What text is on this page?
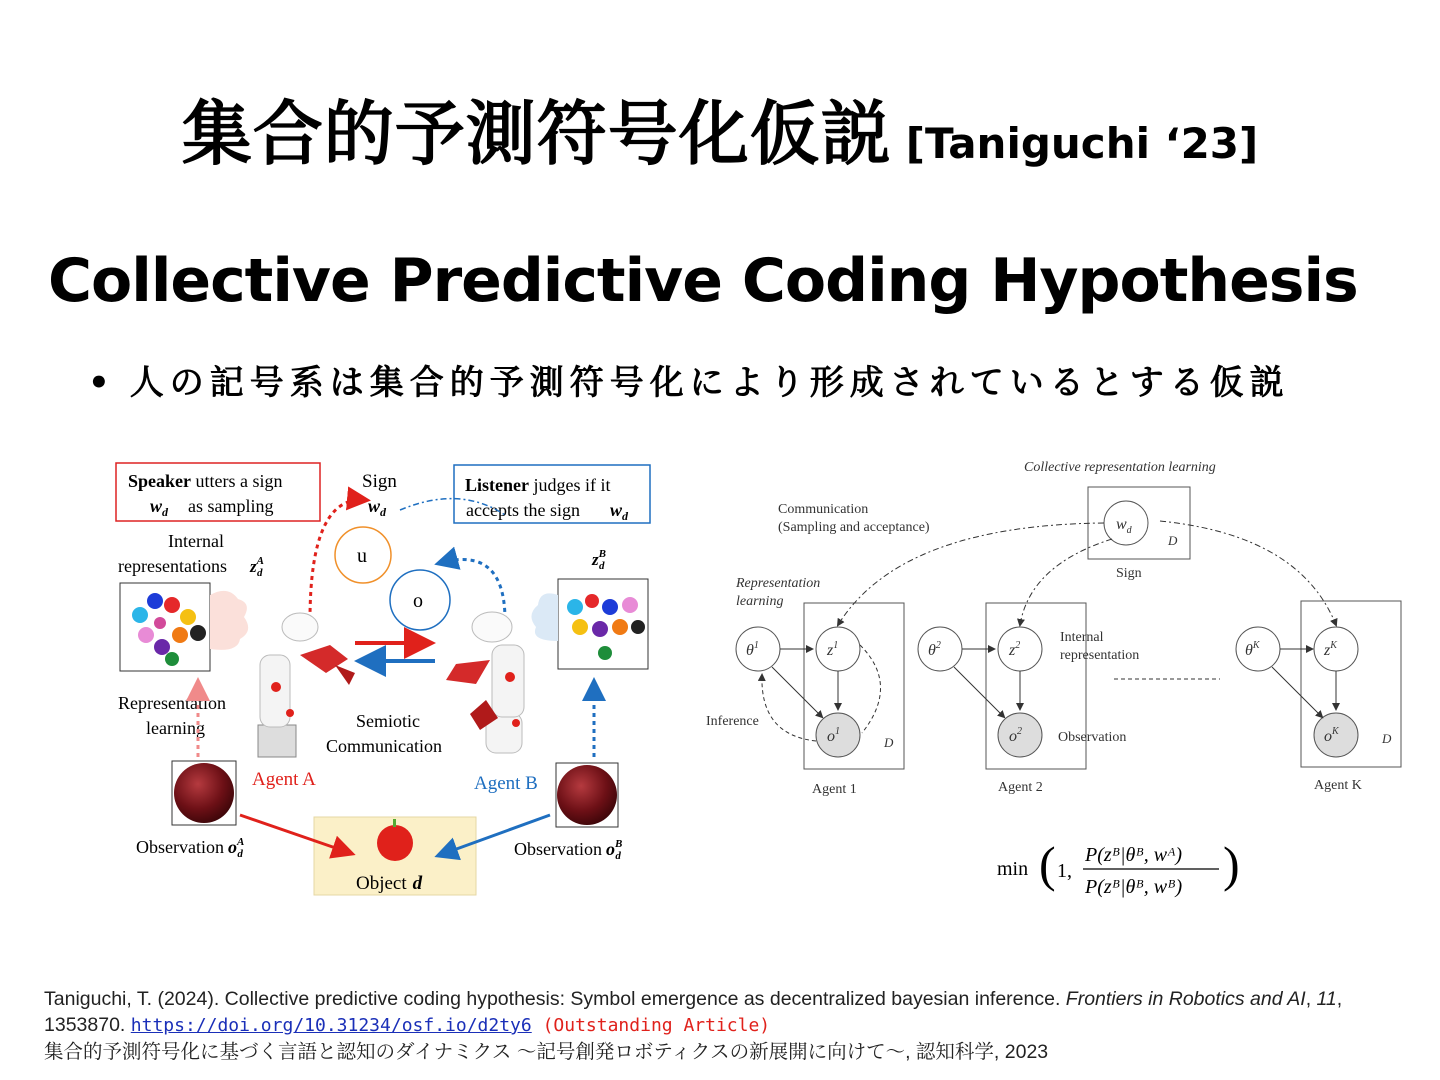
集合的予測符号化仮説 [Taniguchi ‘23]
Collective Predictive Coding Hypothesis
• 人の記号系は集合的予測符号化により形成されているとする仮説
Speaker utters a sign
$w_d$ as sampling
Sign
$w_d$
Listener judges if it
accepts the sign $w_d$
Internal
representations $z^A$ d
$z^B$ d
u
o
Representation
learning	Semiotic
Communication
Agent A	Agent B
Object d
Observation $o^A$ d	Observation $o^B$ d
Collective representation learning
Communication
(Sampling and acceptance)	$w_d$
D
Sign
Representation
learning
$\theta^1$	$z^1$
$o^1$
D
Agent 1
Inference
$\theta^2$	$z^2$
$o^2$
Agent 2
Internal
representation
Observation
$\theta^K$	$z^K$
$o^K$	D
Agent K
min ( 1,
P(zᴮ|θᴮ, wᴬ)
P(zᴮ|θᴮ, wᴮ) )
Taniguchi, T. (2024). Collective predictive coding hypothesis: Symbol emergence as decentralized bayesian inference. Frontiers in Robotics and AI, 11, 1353870. https://doi.org/10.31234/osf.io/d2ty6 (Outstanding Article)
集合的予測符号化に基づく言語と認知のダイナミクス ～記号創発ロボティクスの新展開に向けて～, 認知科学, 2023
